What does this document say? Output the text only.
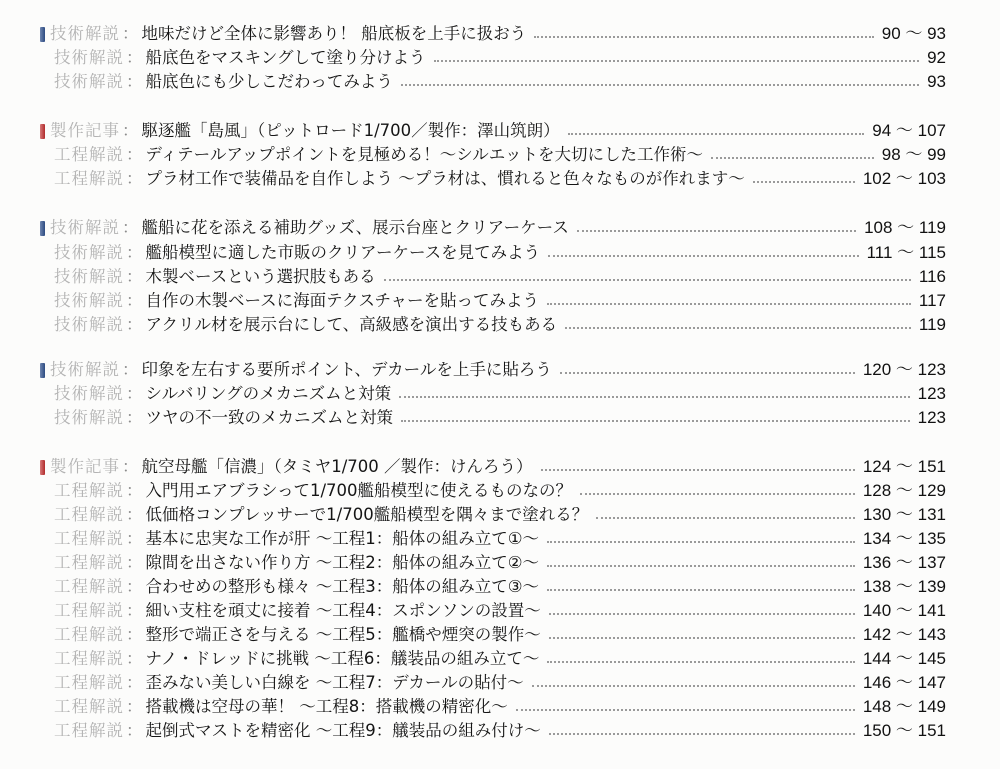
技術解説 ： 地味だけど全体に影響あり！ 船底板を上手に扱おう	90 ～ 93
技術解説 ： 船底色をマスキングして塗り分けよう	92
技術解説 ： 船底色にも少しこだわってみよう	93
製作記事 ： 駆逐艦「島風」（ピットロード1/700／製作：澤山筑朗）	94 ～ 107
工程解説 ： ディテールアップポイントを見極める！～シルエットを大切にした工作術～	98 ～ 99
工程解説 ： プラ材工作で装備品を自作しよう ～プラ材は、慣れると色々なものが作れます～	102 ～ 103
技術解説 ： 艦船に花を添える補助グッズ、展示台座とクリアーケース	108 ～ 119
技術解説 ： 艦船模型に適した市販のクリアーケースを見てみよう	111 ～ 115
技術解説 ： 木製ベースという選択肢もある	116
技術解説 ： 自作の木製ベースに海面テクスチャーを貼ってみよう	117
技術解説 ： アクリル材を展示台にして、高級感を演出する技もある	119
技術解説 ： 印象を左右する要所ポイント、デカールを上手に貼ろう	120 ～ 123
技術解説 ： シルバリングのメカニズムと対策	123
技術解説 ： ツヤの不一致のメカニズムと対策	123
製作記事 ： 航空母艦「信濃」（タミヤ1/700 ／製作：けんろう）	124 ～ 151
工程解説 ： 入門用エアブラシって1/700艦船模型に使えるものなの？	128 ～ 129
工程解説 ： 低価格コンプレッサーで1/700艦船模型を隅々まで塗れる？	130 ～ 131
工程解説 ： 基本に忠実な工作が肝 ～工程1：船体の組み立て①～	134 ～ 135
工程解説 ： 隙間を出さない作り方 ～工程2：船体の組み立て②～	136 ～ 137
工程解説 ： 合わせめの整形も様々 ～工程3：船体の組み立て③～	138 ～ 139
工程解説 ： 細い支柱を頑丈に接着 ～工程4：スポンソンの設置～	140 ～ 141
工程解説 ： 整形で端正さを与える ～工程5：艦橋や煙突の製作～	142 ～ 143
工程解説 ： ナノ・ドレッドに挑戦 ～工程6：艤装品の組み立て～	144 ～ 145
工程解説 ： 歪みない美しい白線を ～工程7：デカールの貼付～	146 ～ 147
工程解説 ： 搭載機は空母の華！ ～工程8：搭載機の精密化～	148 ～ 149
工程解説 ： 起倒式マストを精密化 ～工程9：艤装品の組み付け～	150 ～ 151
